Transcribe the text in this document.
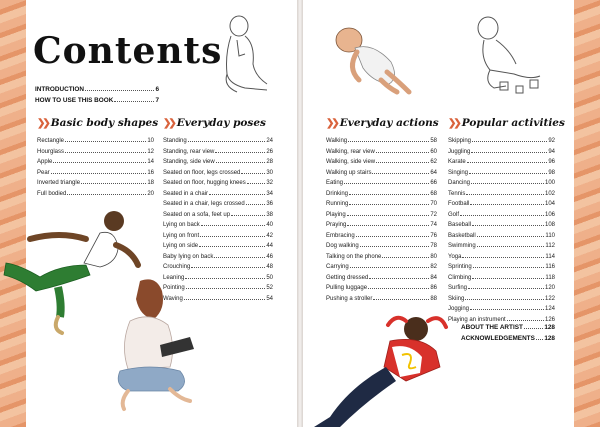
Contents
INTRODUCTION	6
HOW TO USE THIS BOOK	7
❯❯ Basic body shapes
Rectangle	10
Hourglass	12
Apple	14
Pear	16
Inverted triangle	18
Full bodied	20
❯❯ Everyday poses
Standing	24
Standing, rear view	26
Standing, side view	28
Seated on floor, legs crossed	30
Seated on floor, hugging knees	32
Seated in a chair	34
Seated in a chair, legs crossed	36
Seated on a sofa, feet up	38
Lying on back	40
Lying on front	42
Lying on side	44
Baby lying on back	46
Crouching	48
Leaning	50
Pointing	52
Waving	54
❯❯ Everyday actions
Walking	58
Walking, rear view	60
Walking, side view	62
Walking up stairs	64
Eating	66
Drinking	68
Running	70
Playing	72
Praying	74
Embracing	76
Dog walking	78
Talking on the phone	80
Carrying	82
Getting dressed	84
Pulling luggage	86
Pushing a stroller	88
❯❯ Popular activities
Skipping	92
Juggling	94
Karate	96
Singing	98
Dancing	100
Tennis	102
Football	104
Golf	106
Baseball	108
Basketball	110
Swimming	112
Yoga	114
Sprinting	116
Climbing	118
Surfing	120
Skiing	122
Jogging	124
Playing an instrument	126
ABOUT THE ARTIST	128
ACKNOWLEDGEMENTS 128
